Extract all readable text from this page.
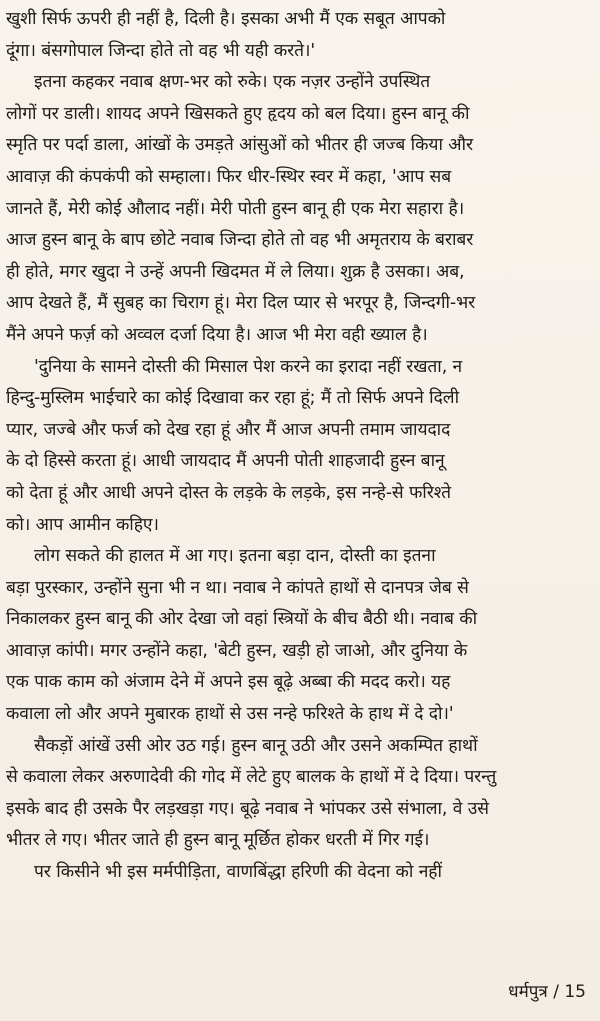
खुशी सिर्फ ऊपरी ही नहीं है, दिली है। इसका अभी मैं एक सबूत आपको
दूंगा। बंसगोपाल जिन्दा होते तो वह भी यही करते।'
इतना कहकर नवाब क्षण-भर को रुके। एक नज़र उन्होंने उपस्थित
लोगों पर डाली। शायद अपने खिसकते हुए हृदय को बल दिया। हुस्न बानू की
स्मृति पर पर्दा डाला, आंखों के उमड़ते आंसुओं को भीतर ही जज्ब किया और
आवाज़ की कंपकंपी को सम्हाला। फिर धीर-स्थिर स्वर में कहा, 'आप सब
जानते हैं, मेरी कोई औलाद नहीं। मेरी पोती हुस्न बानू ही एक मेरा सहारा है।
आज हुस्न बानू के बाप छोटे नवाब जिन्दा होते तो वह भी अमृतराय के बराबर
ही होते, मगर खुदा ने उन्हें अपनी खिदमत में ले लिया। शुक्र है उसका। अब,
आप देखते हैं, मैं सुबह का चिराग हूं। मेरा दिल प्यार से भरपूर है, जिन्दगी-भर
मैंने अपने फर्ज़ को अव्वल दर्जा दिया है। आज भी मेरा वही ख्याल है।
'दुनिया के सामने दोस्ती की मिसाल पेश करने का इरादा नहीं रखता, न
हिन्दु-मुस्लिम भाईचारे का कोई दिखावा कर रहा हूं; मैं तो सिर्फ अपने दिली
प्यार, जज्बे और फर्ज को देख रहा हूं और मैं आज अपनी तमाम जायदाद
के दो हिस्से करता हूं। आधी जायदाद मैं अपनी पोती शाहजादी हुस्न बानू
को देता हूं और आधी अपने दोस्त के लड़के के लड़के, इस नन्हे-से फरिश्ते
को। आप आमीन कहिए।
लोग सकते की हालत में आ गए। इतना बड़ा दान, दोस्ती का इतना
बड़ा पुरस्कार, उन्होंने सुना भी न था। नवाब ने कांपते हाथों से दानपत्र जेब से
निकालकर हुस्न बानू की ओर देखा जो वहां स्त्रियों के बीच बैठी थी। नवाब की
आवाज़ कांपी। मगर उन्होंने कहा, 'बेटी हुस्न, खड़ी हो जाओ, और दुनिया के
एक पाक काम को अंजाम देने में अपने इस बूढ़े अब्बा की मदद करो। यह
कवाला लो और अपने मुबारक हाथों से उस नन्हे फरिश्ते के हाथ में दे दो।'
सैकड़ों आंखें उसी ओर उठ गई। हुस्न बानू उठी और उसने अकम्पित हाथों
से कवाला लेकर अरुणादेवी की गोद में लेटे हुए बालक के हाथों में दे दिया। परन्तु
इसके बाद ही उसके पैर लड़खड़ा गए। बूढ़े नवाब ने भांपकर उसे संभाला, वे उसे
भीतर ले गए। भीतर जाते ही हुस्न बानू मूर्छित होकर धरती में गिर गई।
पर किसीने भी इस मर्मपीड़िता, वाणबिंद्धा हरिणी की वेदना को नहीं
धर्मपुत्र / 15
